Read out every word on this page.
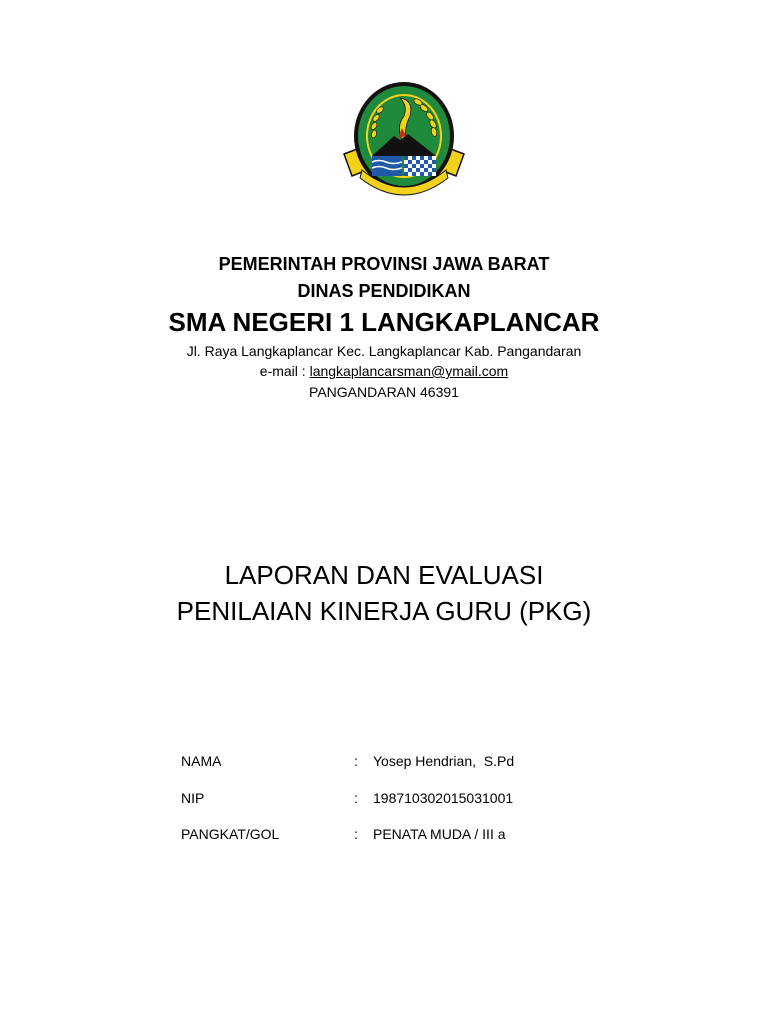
PEMERINTAH PROVINSI JAWA BARAT
DINAS PENDIDIKAN
SMA NEGERI 1 LANGKAPLANCAR
Jl. Raya Langkaplancar Kec. Langkaplancar Kab. Pangandaran
e-mail : langkaplancarsman@ymail.com
PANGANDARAN 46391
LAPORAN DAN EVALUASI
PENILAIAN KINERJA GURU (PKG)
NAMA	: Yosep Hendrian,  S.Pd
NIP	: 198710302015031001
PANGKAT/GOL	: PENATA MUDA / III a
